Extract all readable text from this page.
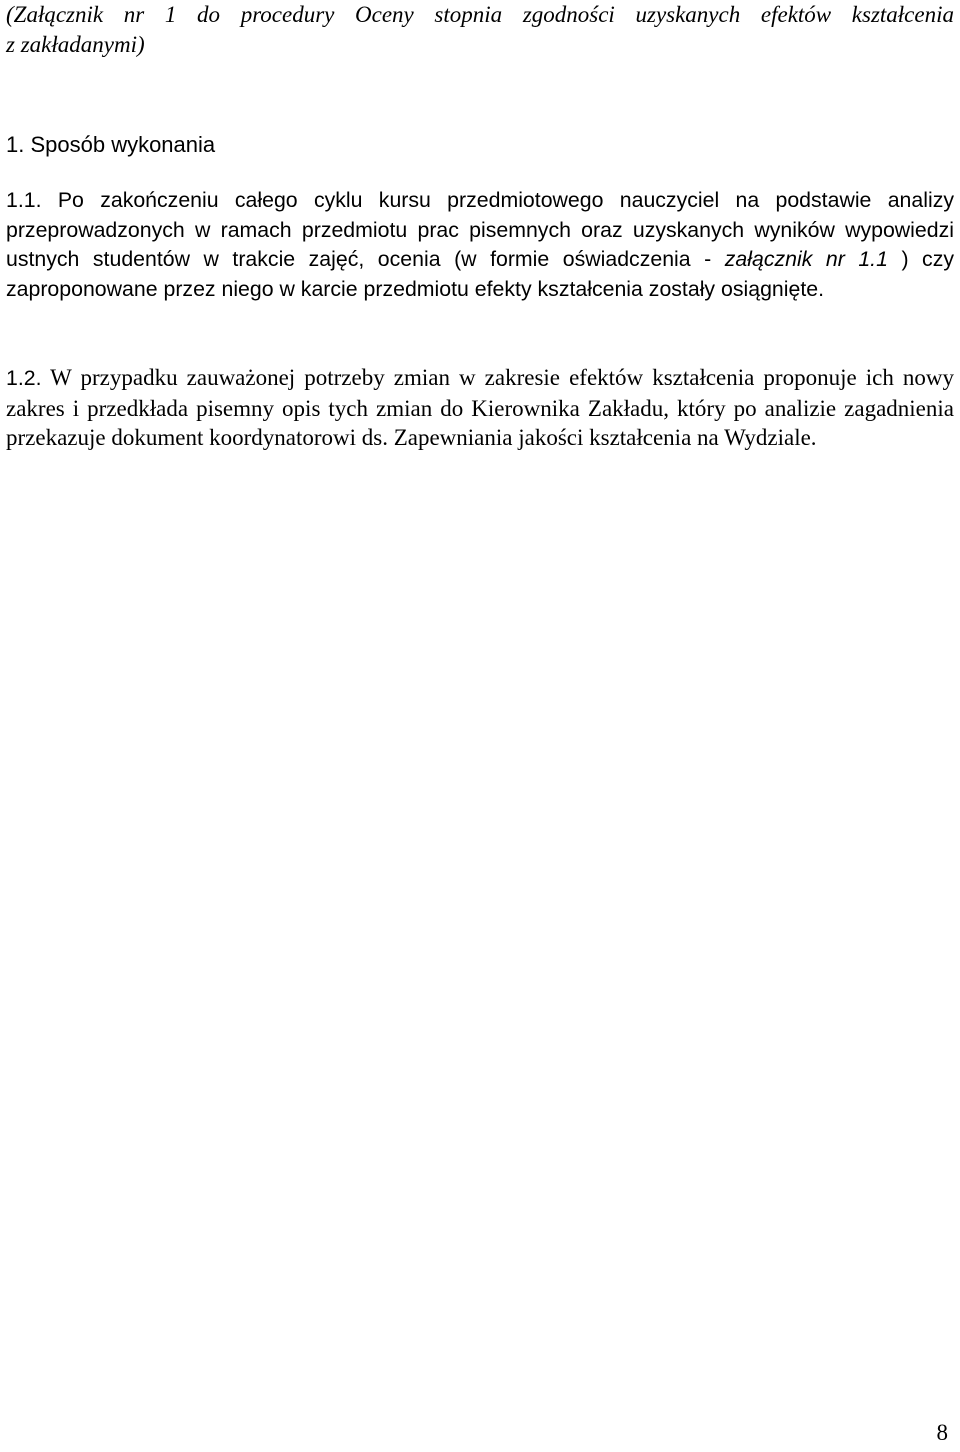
(Załącznik nr 1 do procedury Oceny stopnia zgodności uzyskanych efektów kształcenia
z zakładanymi)
1. Sposób wykonania
1.1. Po zakończeniu całego cyklu kursu przedmiotowego nauczyciel na podstawie analizy przeprowadzonych w ramach przedmiotu prac pisemnych oraz uzyskanych wyników wypowiedzi ustnych studentów w trakcie zajęć, ocenia (w formie oświadczenia - załącznik nr 1.1 ) czy zaproponowane przez niego w karcie przedmiotu efekty kształcenia zostały osiągnięte.
1.2. W przypadku zauważonej potrzeby zmian w zakresie efektów kształcenia proponuje ich nowy zakres i przedkłada pisemny opis tych zmian do Kierownika Zakładu, który po analizie zagadnienia przekazuje dokument koordynatorowi ds. Zapewniania jakości kształcenia na Wydziale.
8
